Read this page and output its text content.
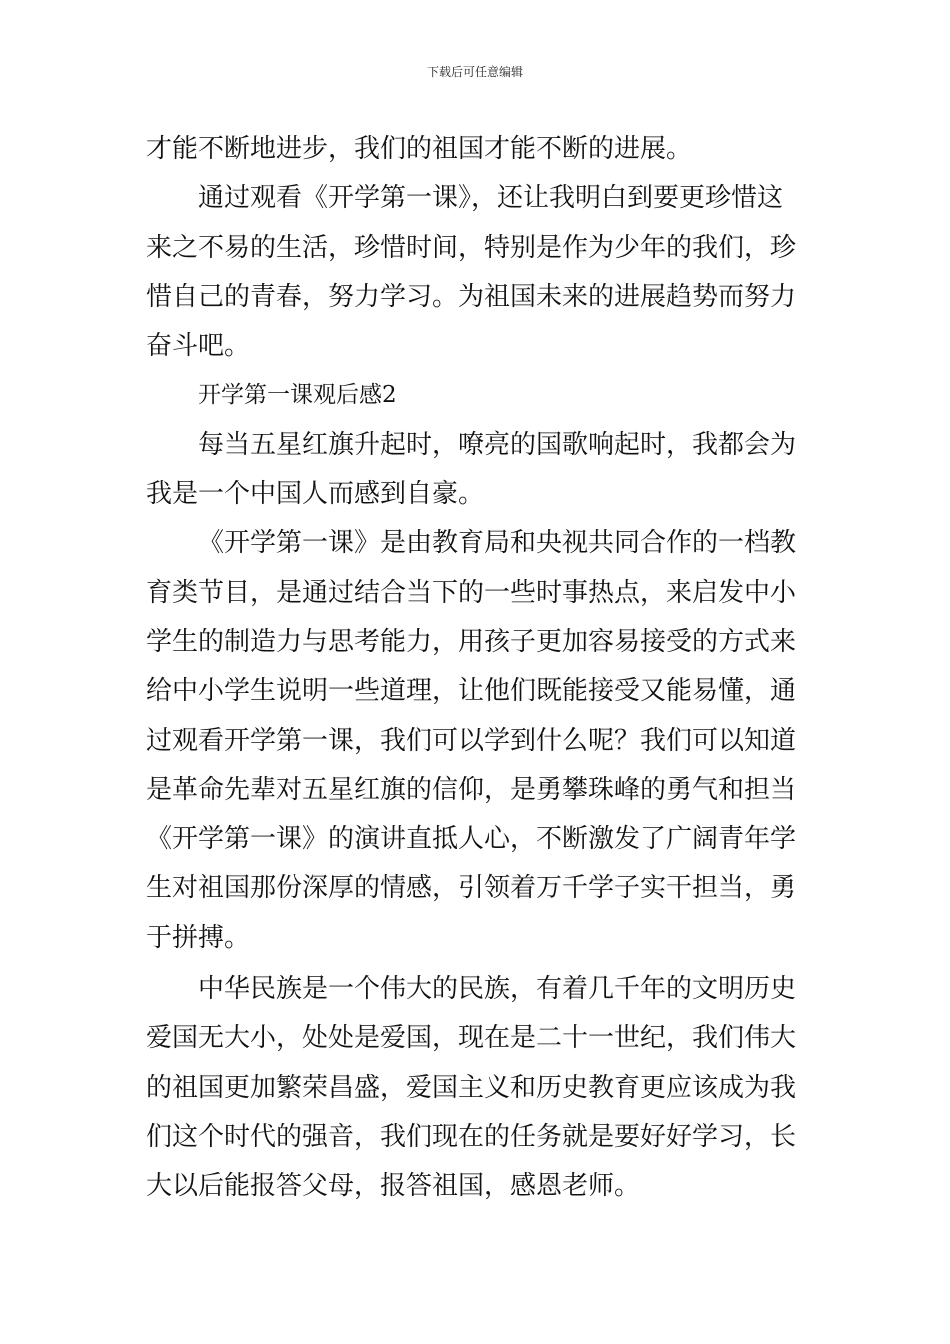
下载后可任意编辑
才能不断地进步，我们的祖国才能不断的进展。
通过观看《开学第一课》，还让我明白到要更珍惜这
来之不易的生活，珍惜时间，特别是作为少年的我们，珍
惜自己的青春，努力学习。为祖国未来的进展趋势而努力
奋斗吧。
开学第一课观后感2
每当五星红旗升起时，嘹亮的国歌响起时，我都会为
我是一个中国人而感到自豪。
《开学第一课》是由教育局和央视共同合作的一档教
育类节目，是通过结合当下的一些时事热点，来启发中小
学生的制造力与思考能力，用孩子更加容易接受的方式来
给中小学生说明一些道理，让他们既能接受又能易懂，通
过观看开学第一课，我们可以学到什么呢？我们可以知道
是革命先辈对五星红旗的信仰，是勇攀珠峰的勇气和担当
《开学第一课》的演讲直抵人心，不断激发了广阔青年学
生对祖国那份深厚的情感，引领着万千学子实干担当，勇
于拼搏。
中华民族是一个伟大的民族，有着几千年的文明历史
爱国无大小，处处是爱国，现在是二十一世纪，我们伟大
的祖国更加繁荣昌盛，爱国主义和历史教育更应该成为我
们这个时代的强音，我们现在的任务就是要好好学习，长
大以后能报答父母，报答祖国，感恩老师。
